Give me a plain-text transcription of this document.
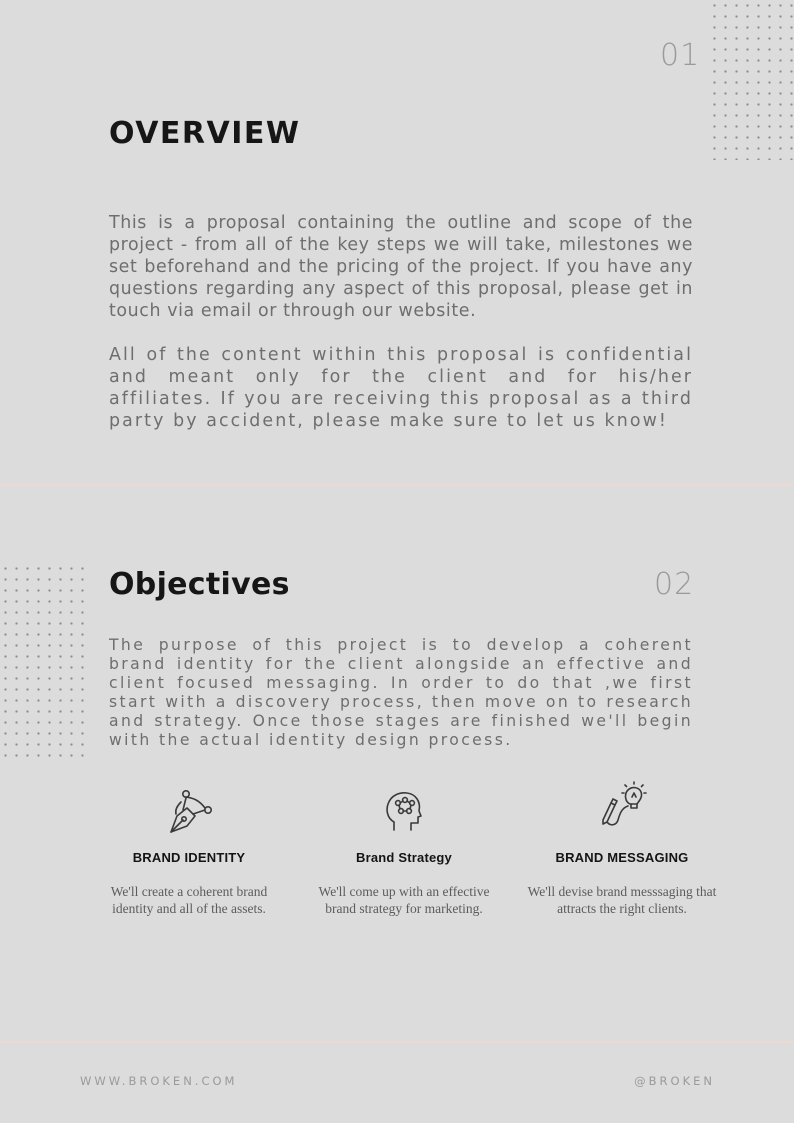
01
OVERVIEW

This is a proposal containing the outline and scope of the project - from all of the key steps we will take, milestones we set beforehand and the pricing of the project. If you have any questions regarding any aspect of this proposal, please get in touch via email or through our website.

All of the content within this proposal is confidential and meant only for the client and for his/her affiliates. If you are receiving this proposal as a third party by accident, please make sure to let us know!

Objectives	02

The purpose of this project is to develop a coherent brand identity for the client alongside an effective and client focused messaging. In order to do that ,we first start with a discovery process, then move on to research and strategy. Once those stages are finished we'll begin with the actual identity design process.

BRAND IDENTITY
We'll create a coherent brand identity and all of the assets.
Brand Strategy
We'll come up with an effective brand strategy for marketing.
BRAND MESSAGING
We'll devise brand messsaging that attracts the right clients.
WWW.BROKEN.COM	@BROKEN
